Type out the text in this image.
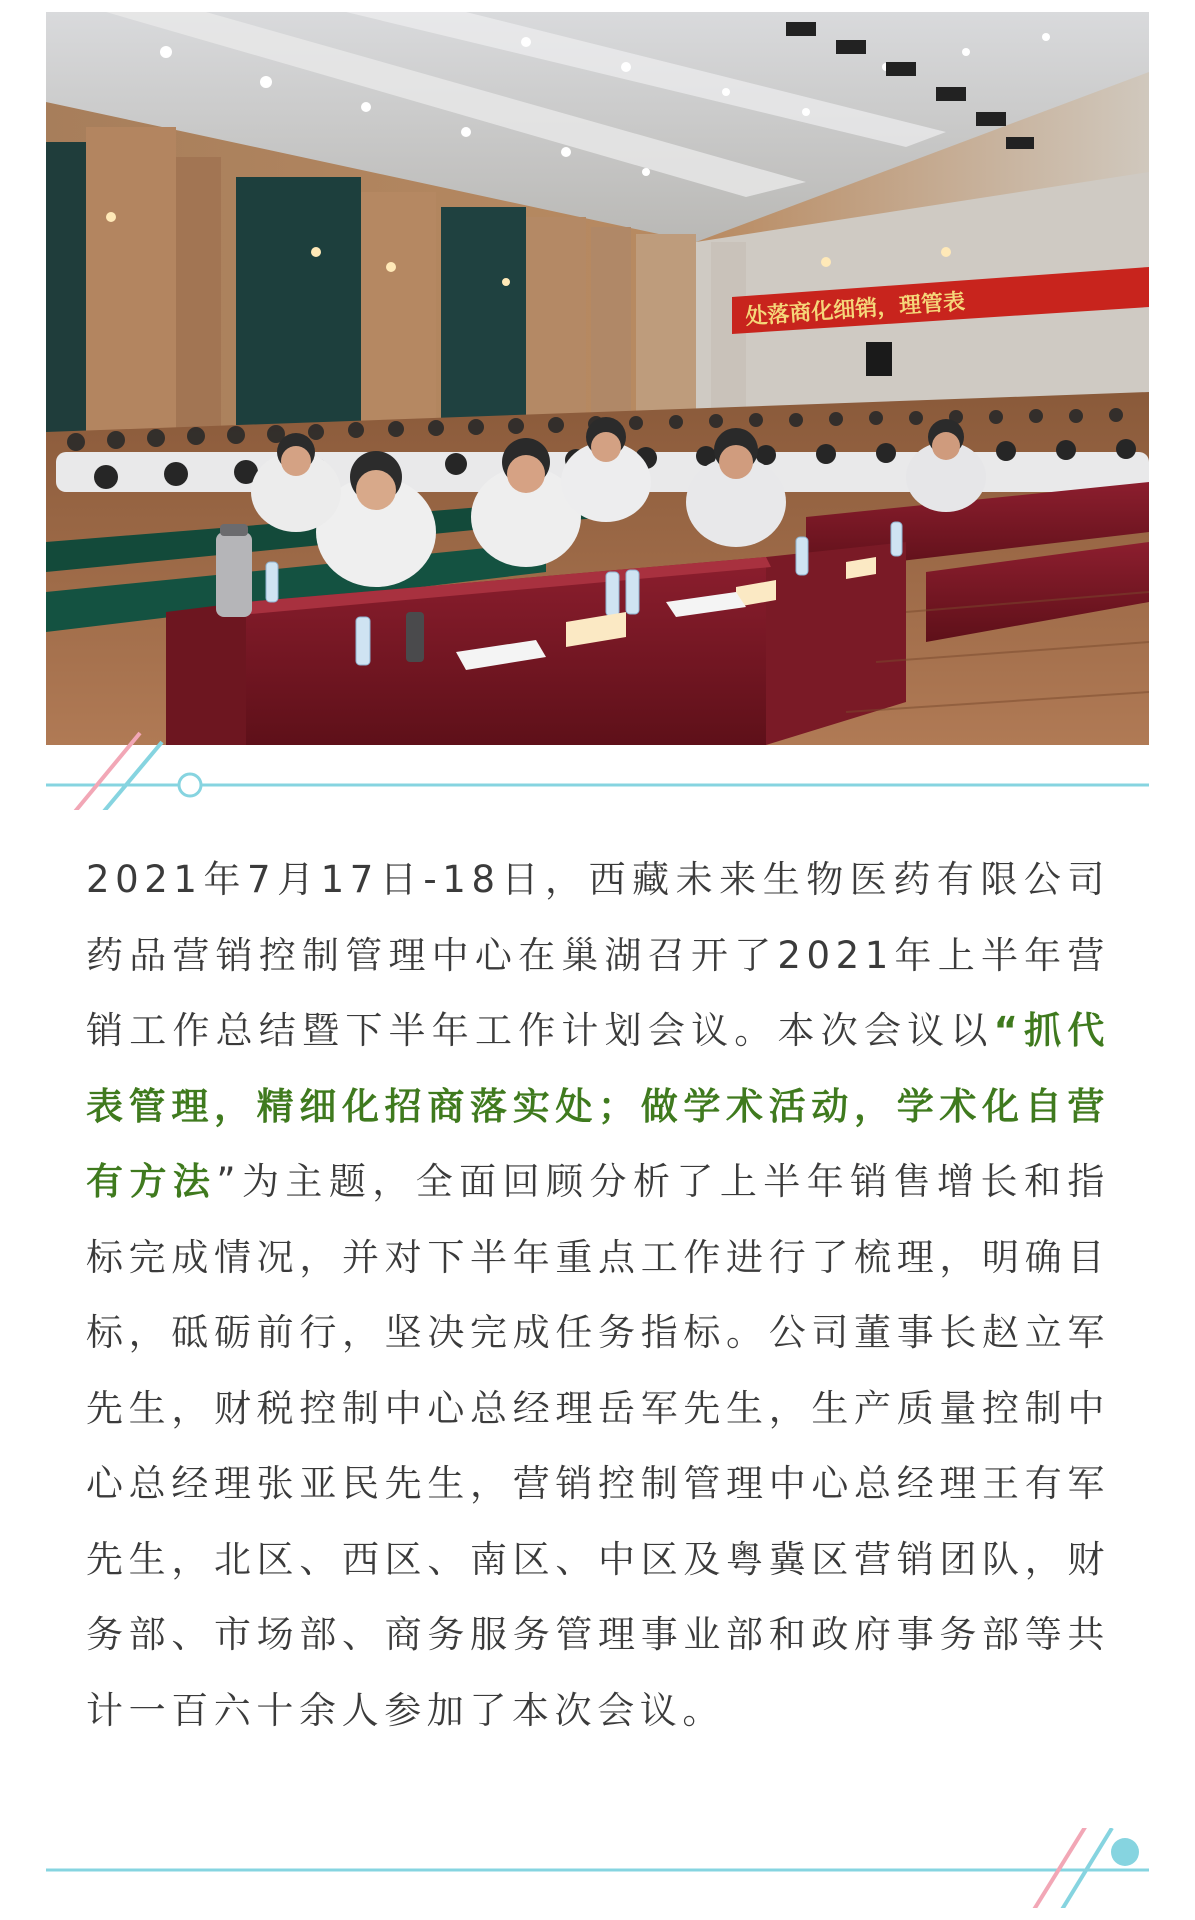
处落商化细销，理管表
2021年7月17日-18日，西藏未来生物医药有限公司药品营销控制管理中心在巢湖召开了2021年上半年营销工作总结暨下半年工作计划会议。本次会议以“抓代表管理，精细化招商落实处；做学术活动，学术化自营有方法”为主题，全面回顾分析了上半年销售增长和指标完成情况，并对下半年重点工作进行了梳理，明确目标，砥砺前行，坚决完成任务指标。公司董事长赵立军先生，财税控制中心总经理岳军先生，生产质量控制中心总经理张亚民先生，营销控制管理中心总经理王有军先生，北区、西区、南区、中区及粤冀区营销团队，财务部、市场部、商务服务管理事业部和政府事务部等共计一百六十余人参加了本次会议。
